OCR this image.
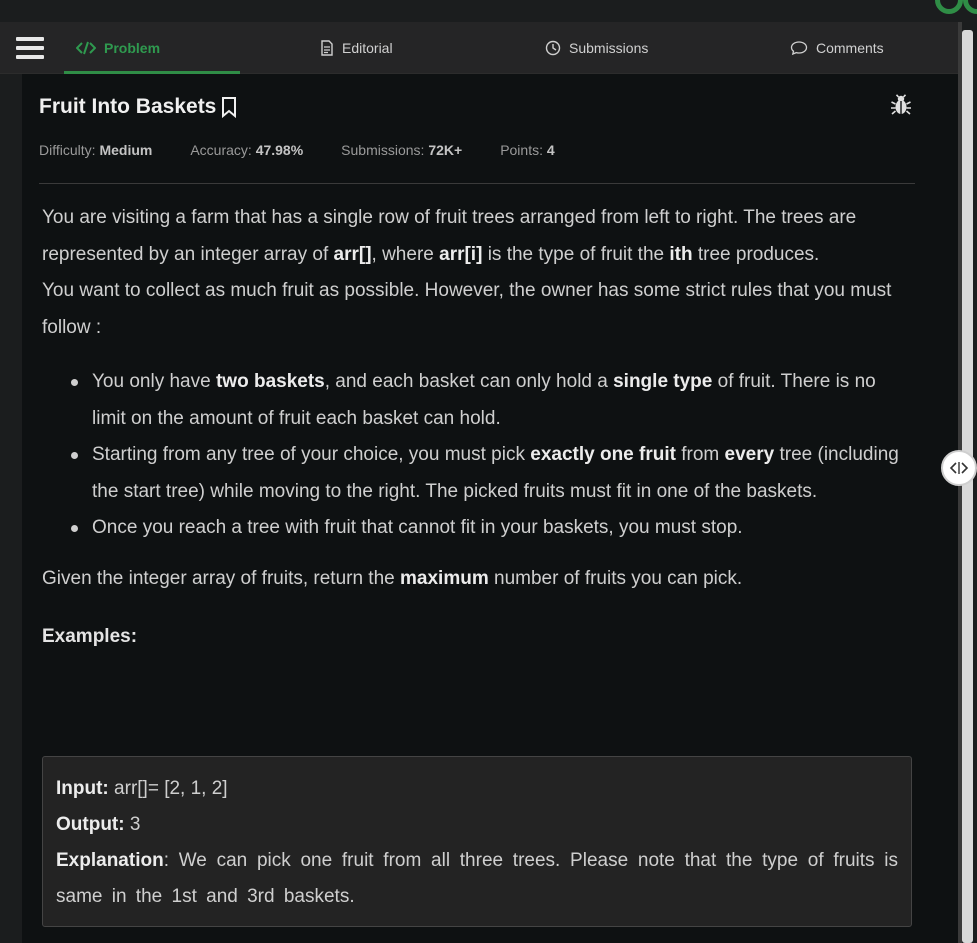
Problem	Editorial	Submissions	Comments
Fruit Into Baskets
Difficulty: Medium	Accuracy: 47.98%	Submissions: 72K+	Points: 4

You are visiting a farm that has a single row of fruit trees arranged from left to right. The trees are represented by an integer array of arr[], where arr[i] is the type of fruit the ith tree produces.

You want to collect as much fruit as possible. However, the owner has some strict rules that you must follow :

You only have two baskets, and each basket can only hold a single type of fruit. There is no limit on the amount of fruit each basket can hold.
Starting from any tree of your choice, you must pick exactly one fruit from every tree (including the start tree) while moving to the right. The picked fruits must fit in one of the baskets.
Once you reach a tree with fruit that cannot fit in your baskets, you must stop.

Given the integer array of fruits, return the maximum number of fruits you can pick.

Examples:

Input: arr[]= [2, 1, 2]
Output: 3
Explanation: We can pick one fruit from all three trees. Please note that the type of fruits is same in the 1st and 3rd baskets.
